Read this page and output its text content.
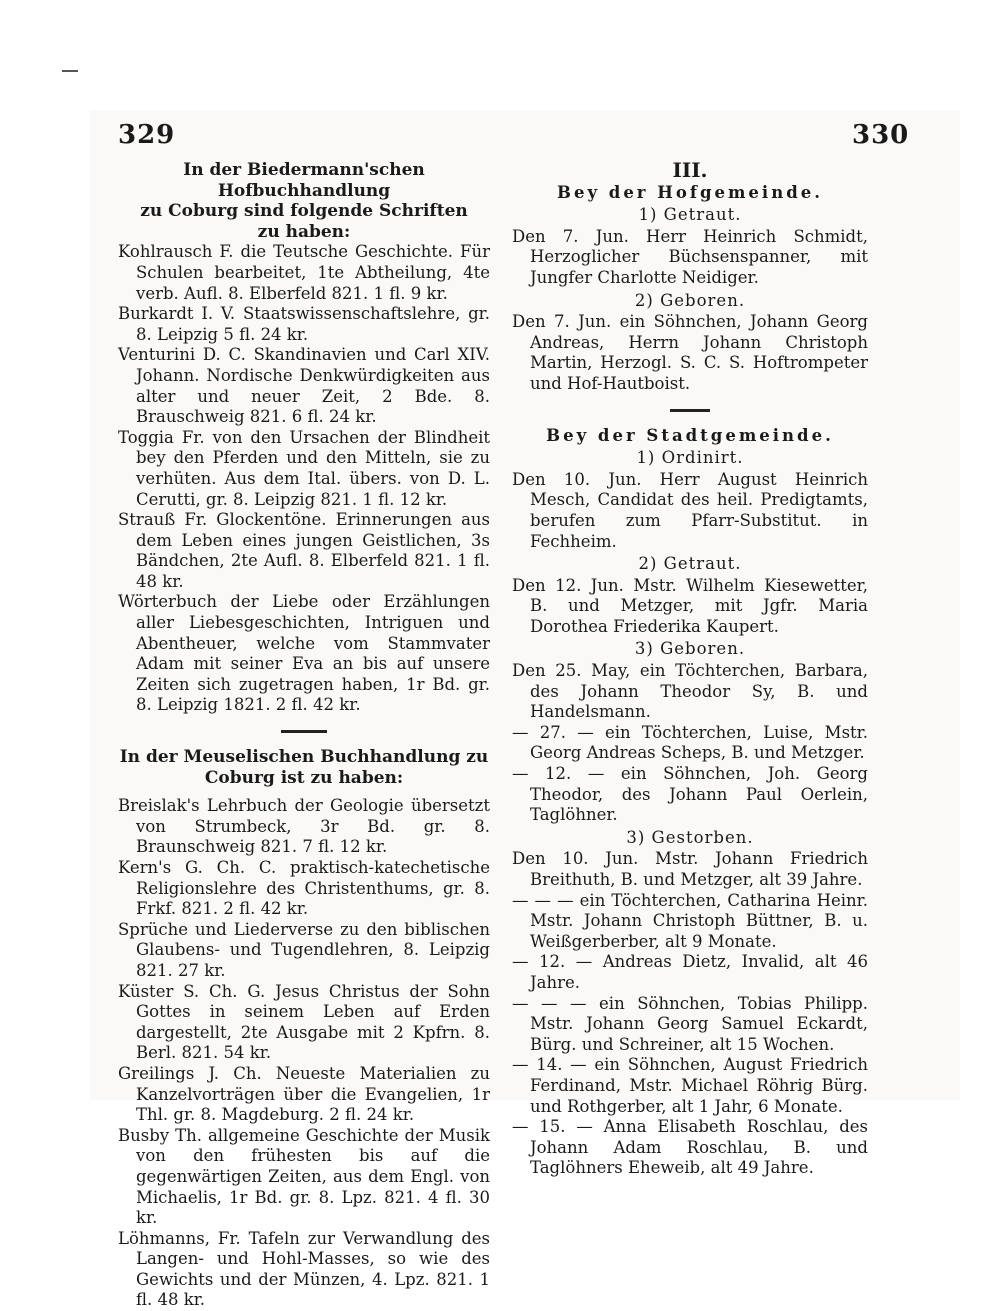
329	330

In der Biedermann'schen Hofbuchhandlung

zu Coburg sind folgende Schriften

zu haben:

Kohlrausch F. die Teutsche Geschichte. Für Schulen bearbeitet, 1te Abtheilung, 4te verb. Aufl. 8. Elberfeld 821. 1 fl. 9 kr.

Burkardt I. V. Staatswissenschaftslehre, gr. 8. Leipzig 5 fl. 24 kr.

Venturini D. C. Skandinavien und Carl XIV. Johann. Nordische Denkwürdigkeiten aus alter und neuer Zeit, 2 Bde. 8. Brauschweig 821. 6 fl. 24 kr.

Toggia Fr. von den Ursachen der Blindheit bey den Pferden und den Mitteln, sie zu verhüten. Aus dem Ital. übers. von D. L. Cerutti, gr. 8. Leipzig 821. 1 fl. 12 kr.

Strauß Fr. Glockentöne. Erinnerungen aus dem Leben eines jungen Geistlichen, 3s Bändchen, 2te Aufl. 8. Elberfeld 821. 1 fl. 48 kr.

Wörterbuch der Liebe oder Erzählungen aller Liebesgeschichten, Intriguen und Abentheuer, welche vom Stammvater Adam mit seiner Eva an bis auf unsere Zeiten sich zugetragen haben, 1r Bd. gr. 8. Leipzig 1821. 2 fl. 42 kr.

In der Meuselischen Buchhandlung zu

Coburg ist zu haben:

Breislak's Lehrbuch der Geologie übersetzt von Strumbeck, 3r Bd. gr. 8. Braunschweig 821. 7 fl. 12 kr.

Kern's G. Ch. C. praktisch-katechetische Religionslehre des Christenthums, gr. 8. Frkf. 821. 2 fl. 42 kr.

Sprüche und Liederverse zu den biblischen Glaubens- und Tugendlehren, 8. Leipzig 821. 27 kr.

Küster S. Ch. G. Jesus Christus der Sohn Gottes in seinem Leben auf Erden dargestellt, 2te Ausgabe mit 2 Kpfrn. 8. Berl. 821. 54 kr.

Greilings J. Ch. Neueste Materialien zu Kanzelvorträgen über die Evangelien, 1r Thl. gr. 8. Magdeburg. 2 fl. 24 kr.

Busby Th. allgemeine Geschichte der Musik von den frühesten bis auf die gegenwärtigen Zeiten, aus dem Engl. von Michaelis, 1r Bd. gr. 8. Lpz. 821. 4 fl. 30 kr.

Löhmanns, Fr. Tafeln zur Verwandlung des Langen- und Hohl-Masses, so wie des Gewichts und der Münzen, 4. Lpz. 821. 1 fl. 48 kr.

III.

Bey der Hofgemeinde.

1) Getraut.

Den 7. Jun. Herr Heinrich Schmidt, Herzoglicher Büchsenspanner, mit Jungfer Charlotte Neidiger.

2) Geboren.

Den 7. Jun. ein Söhnchen, Johann Georg Andreas, Herrn Johann Christoph Martin, Herzogl. S. C. S. Hoftrompeter und Hof-Hautboist.

Bey der Stadtgemeinde.

1) Ordinirt.

Den 10. Jun. Herr August Heinrich Mesch, Candidat des heil. Predigtamts, berufen zum Pfarr-Substitut. in Fechheim.

2) Getraut.

Den 12. Jun. Mstr. Wilhelm Kiesewetter, B. und Metzger, mit Jgfr. Maria Dorothea Friederika Kaupert.

3) Geboren.

Den 25. May, ein Töchterchen, Barbara, des Johann Theodor Sy, B. und Handelsmann.

— 27. — ein Töchterchen, Luise, Mstr. Georg Andreas Scheps, B. und Metzger.

— 12. — ein Söhnchen, Joh. Georg Theodor, des Johann Paul Oerlein, Taglöhner.

3) Gestorben.

Den 10. Jun. Mstr. Johann Friedrich Breithuth, B. und Metzger, alt 39 Jahre.

— — — ein Töchterchen, Catharina Heinr. Mstr. Johann Christoph Büttner, B. u. Weißgerberber, alt 9 Monate.

— 12. — Andreas Dietz, Invalid, alt 46 Jahre.

— — — ein Söhnchen, Tobias Philipp. Mstr. Johann Georg Samuel Eckardt, Bürg. und Schreiner, alt 15 Wochen.

— 14. — ein Söhnchen, August Friedrich Ferdinand, Mstr. Michael Röhrig Bürg. und Rothgerber, alt 1 Jahr, 6 Monate.

— 15. — Anna Elisabeth Roschlau, des Johann Adam Roschlau, B. und Taglöhners Eheweib, alt 49 Jahre.
